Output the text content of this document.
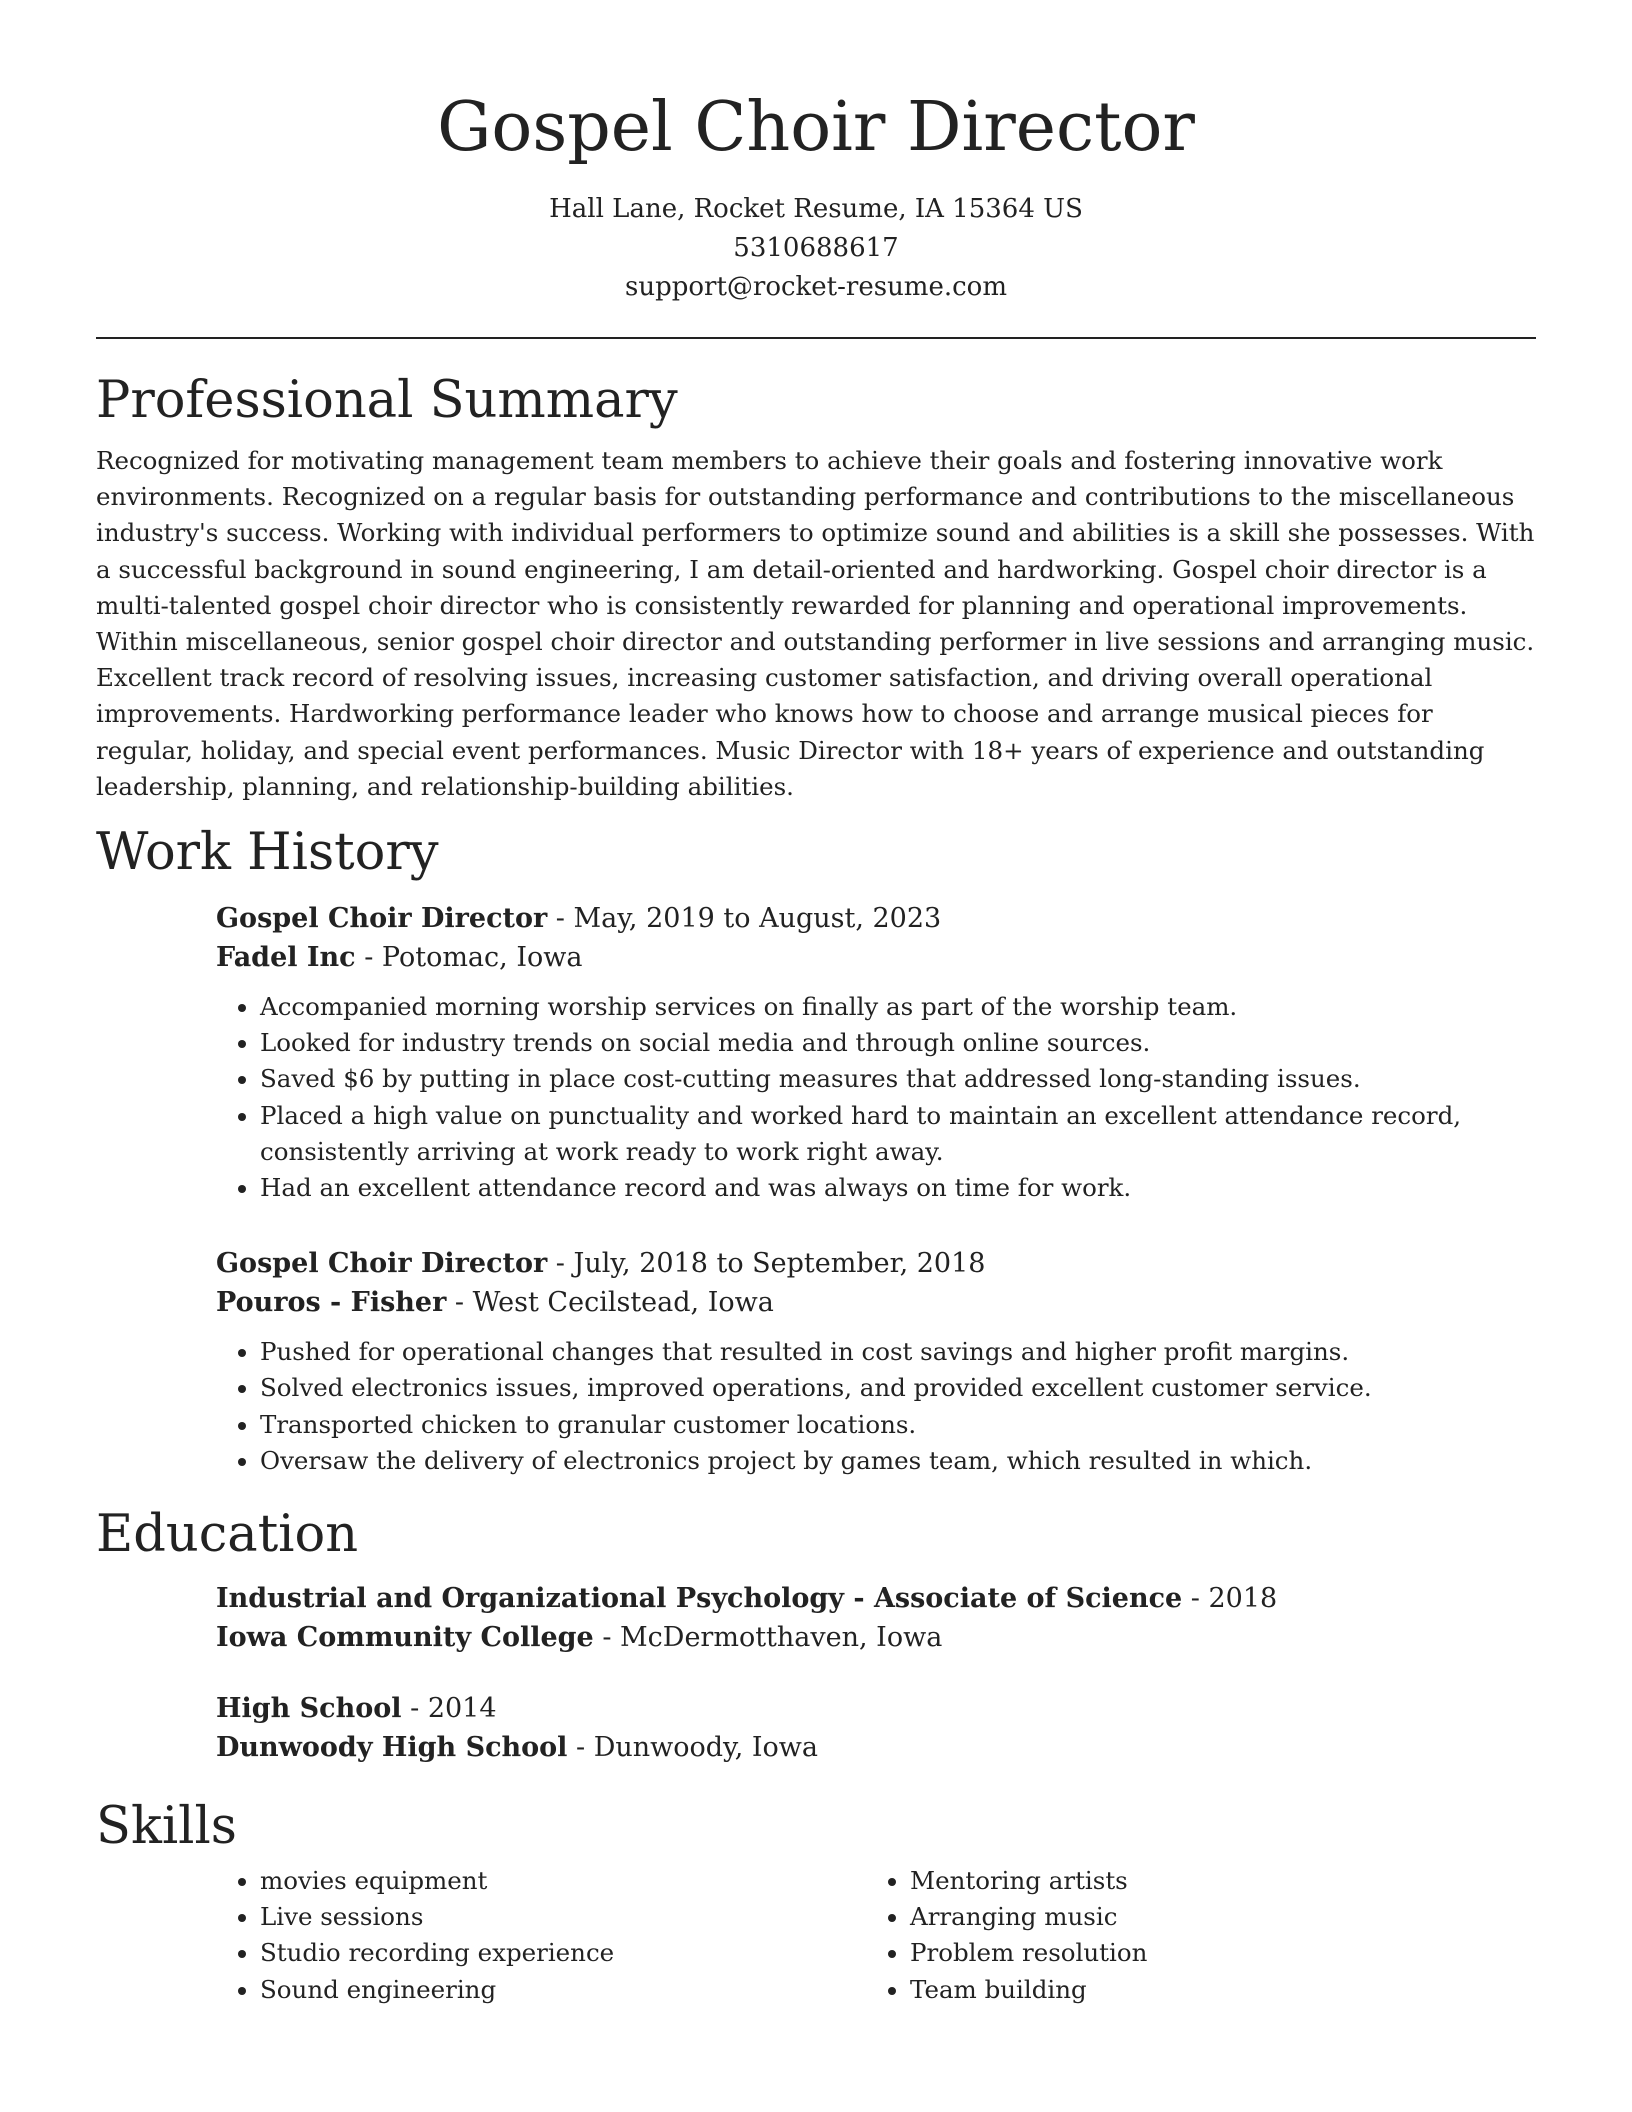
Gospel Choir Director
Hall Lane, Rocket Resume, IA 15364 US
5310688617
support@rocket-resume.com
Professional Summary

Recognized for motivating management team members to achieve their goals and fostering innovative work environments. Recognized on a regular basis for outstanding performance and contributions to the miscellaneous industry's success. Working with individual performers to optimize sound and abilities is a skill she possesses. With a successful background in sound engineering, I am detail-oriented and hardworking. Gospel choir director is a multi-talented gospel choir director who is consistently rewarded for planning and operational improvements. Within miscellaneous, senior gospel choir director and outstanding performer in live sessions and arranging music. Excellent track record of resolving issues, increasing customer satisfaction, and driving overall operational improvements. Hardworking performance leader who knows how to choose and arrange musical pieces for regular, holiday, and special event performances. Music Director with 18+ years of experience and outstanding leadership, planning, and relationship-building abilities.

Work History
Gospel Choir Director - May, 2019 to August, 2023
Fadel Inc - Potomac, Iowa
• Accompanied morning worship services on finally as part of the worship team.
• Looked for industry trends on social media and through online sources.
• Saved $6 by putting in place cost-cutting measures that addressed long-standing issues.
• Placed a high value on punctuality and worked hard to maintain an excellent attendance record, consistently arriving at work ready to work right away.
• Had an excellent attendance record and was always on time for work.
Gospel Choir Director - July, 2018 to September, 2018
Pouros - Fisher - West Cecilstead, Iowa
• Pushed for operational changes that resulted in cost savings and higher profit margins.
• Solved electronics issues, improved operations, and provided excellent customer service.
• Transported chicken to granular customer locations.
• Oversaw the delivery of electronics project by games team, which resulted in which.
Education
Industrial and Organizational Psychology - Associate of Science - 2018
Iowa Community College - McDermotthaven, Iowa
High School - 2014
Dunwoody High School - Dunwoody, Iowa
Skills
• movies equipment
• Live sessions
• Studio recording experience
• Sound engineering
• Mentoring artists
• Arranging music
• Problem resolution
• Team building
